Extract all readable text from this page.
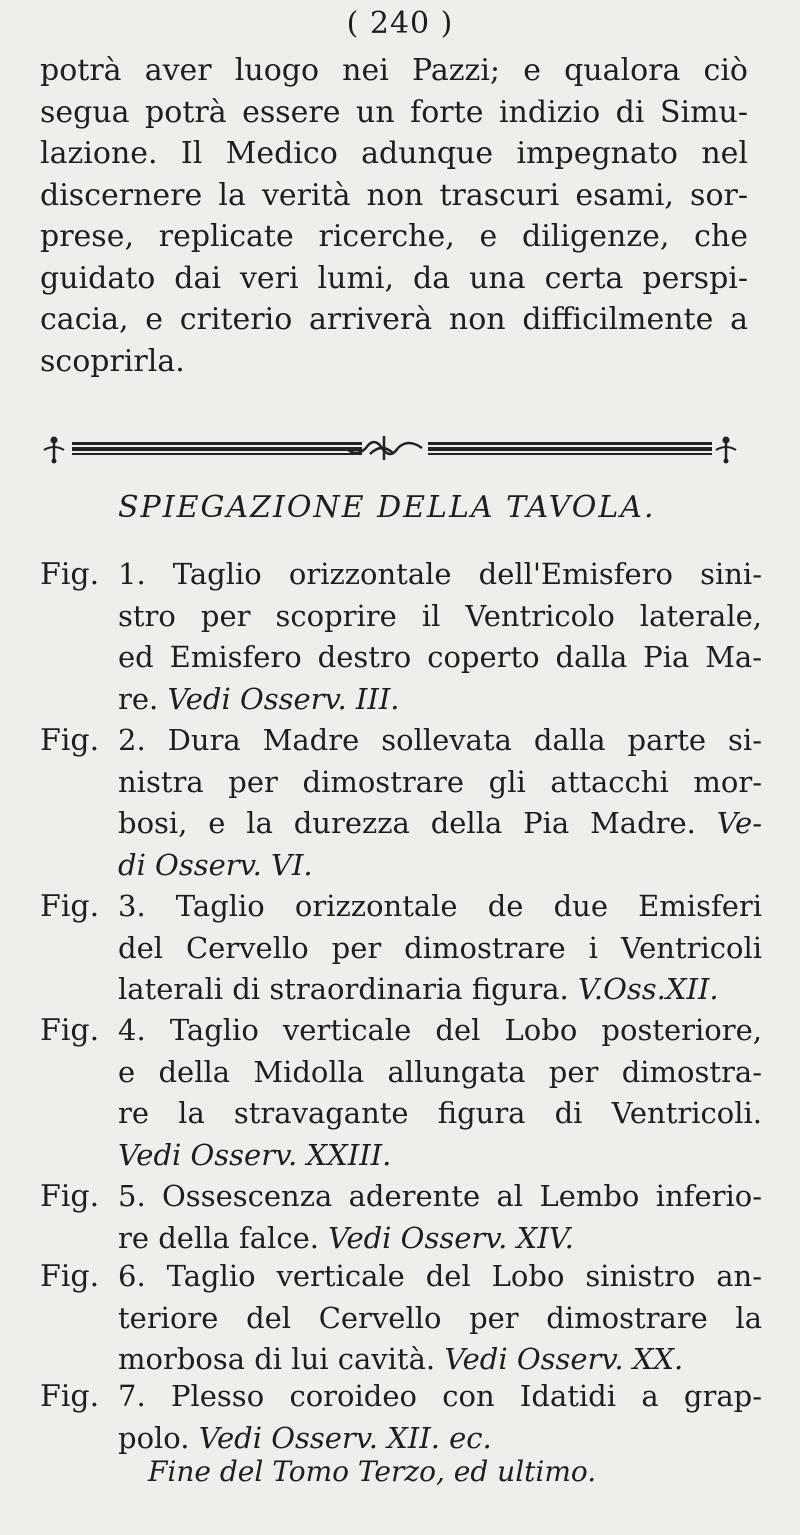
( 240 )
potrà aver luogo nei Pazzi; e qualora ciò
segua potrà essere un forte indizio di Simu-
lazione. Il Medico adunque impegnato nel
discernere la verità non trascuri esami, sor-
prese, replicate ricerche, e diligenze, che
guidato dai veri lumi, da una certa perspi-
cacia, e criterio arriverà non difficilmente a
scoprirla.
SPIEGAZIONE DELLA TAVOLA.
Fig. 1. Taglio orizzontale dell'Emisfero sini-
stro per scoprire il Ventricolo laterale,
ed Emisfero destro coperto dalla Pia Ma-
re. Vedi Osserv. III.
Fig. 2. Dura Madre sollevata dalla parte si-
nistra per dimostrare gli attacchi mor-
bosi, e la durezza della Pia Madre. Ve-
di Osserv. VI.
Fig. 3. Taglio orizzontale de due Emisferi
del Cervello per dimostrare i Ventricoli
laterali di straordinaria figura. V.Oss.XII.
Fig. 4. Taglio verticale del Lobo posteriore,
e della Midolla allungata per dimostra-
re la stravagante figura di Ventricoli.
Vedi Osserv. XXIII.
Fig. 5. Ossescenza aderente al Lembo inferio-
re della falce. Vedi Osserv. XIV.
Fig. 6. Taglio verticale del Lobo sinistro an-
teriore del Cervello per dimostrare la
morbosa di lui cavità. Vedi Osserv. XX.
Fig. 7. Plesso coroideo con Idatidi a grap-
polo. Vedi Osserv. XII. ec.
Fine del Tomo Terzo, ed ultimo.
